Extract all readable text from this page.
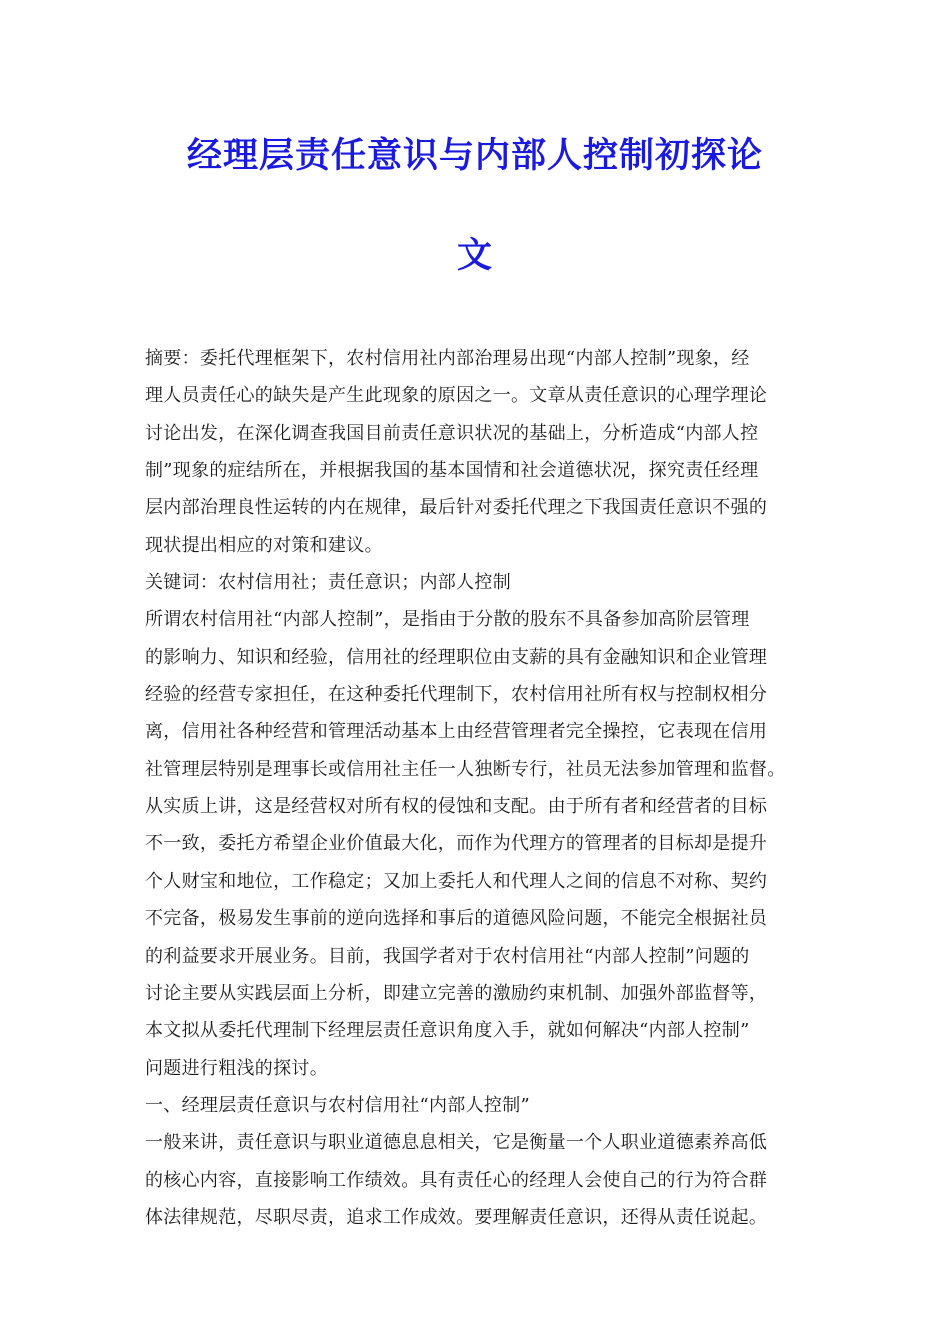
经理层责任意识与内部人控制初探论
文
摘要：委托代理框架下，农村信用社内部治理易出现“内部人控制”现象，经
理人员责任心的缺失是产生此现象的原因之一。文章从责任意识的心理学理论
讨论出发，在深化调查我国目前责任意识状况的基础上，分析造成“内部人控
制”现象的症结所在，并根据我国的基本国情和社会道德状况，探究责任经理
层内部治理良性运转的内在规律，最后针对委托代理之下我国责任意识不强的
现状提出相应的对策和建议。
关键词：农村信用社；责任意识；内部人控制
所谓农村信用社“内部人控制”，是指由于分散的股东不具备参加高阶层管理
的影响力、知识和经验，信用社的经理职位由支薪的具有金融知识和企业管理
经验的经营专家担任，在这种委托代理制下，农村信用社所有权与控制权相分
离，信用社各种经营和管理活动基本上由经营管理者完全操控，它表现在信用
社管理层特别是理事长或信用社主任一人独断专行，社员无法参加管理和监督。
从实质上讲，这是经营权对所有权的侵蚀和支配。由于所有者和经营者的目标
不一致，委托方希望企业价值最大化，而作为代理方的管理者的目标却是提升
个人财宝和地位，工作稳定；又加上委托人和代理人之间的信息不对称、契约
不完备，极易发生事前的逆向选择和事后的道德风险问题，不能完全根据社员
的利益要求开展业务。目前，我国学者对于农村信用社“内部人控制”问题的
讨论主要从实践层面上分析，即建立完善的激励约束机制、加强外部监督等，
本文拟从委托代理制下经理层责任意识角度入手，就如何解决“内部人控制”
问题进行粗浅的探讨。
一、经理层责任意识与农村信用社“内部人控制”
一般来讲，责任意识与职业道德息息相关，它是衡量一个人职业道德素养高低
的核心内容，直接影响工作绩效。具有责任心的经理人会使自己的行为符合群
体法律规范，尽职尽责，追求工作成效。要理解责任意识，还得从责任说起。
